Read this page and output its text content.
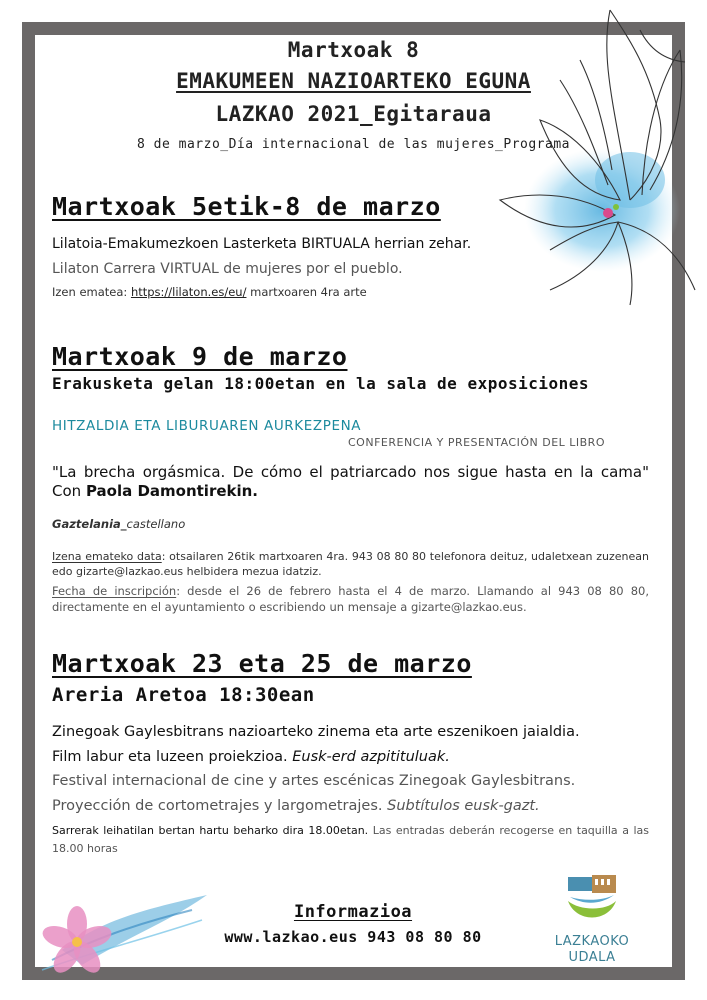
Martxoak 8
EMAKUMEEN NAZIOARTEKO EGUNA
LAZKAO 2021_Egitaraua
8 de marzo_Día internacional de las mujeres_Programa
Martxoak 5etik-8 de marzo
Lilatoia-Emakumezkoen Lasterketa BIRTUALA herrian zehar.
Lilaton Carrera VIRTUAL de mujeres por el pueblo.
Izen ematea: https://lilaton.es/eu/ martxoaren 4ra arte
Martxoak 9 de marzo
Erakusketa gelan 18:00etan en la sala de exposiciones
HITZALDIA ETA LIBURUAREN AURKEZPENA
CONFERENCIA Y PRESENTACIÓN DEL LIBRO
"La brecha orgásmica. De cómo el patriarcado nos sigue hasta en la cama" Con Paola Damontirekin.
Gaztelania_castellano
Izena emateko data: otsailaren 26tik martxoaren 4ra. 943 08 80 80 telefonora deituz, udaletxean zuzenean edo gizarte@lazkao.eus helbidera mezua idatziz.
Fecha de inscripción: desde el 26 de febrero hasta el 4 de marzo. Llamando al 943 08 80 80, directamente en el ayuntamiento o escribiendo un mensaje a gizarte@lazkao.eus.
Martxoak 23 eta 25 de marzo
Areria Aretoa 18:30ean
Zinegoak Gaylesbitrans nazioarteko zinema eta arte eszenikoen jaialdia.
Film labur eta luzeen proiekzioa. Eusk-erd azpitituluak.
Festival internacional de cine y artes escénicas Zinegoak Gaylesbitrans.
Proyección de cortometrajes y largometrajes. Subtítulos eusk-gazt.
Sarrerak leihatilan bertan hartu beharko dira 18.00etan. Las entradas deberán recogerse en taquilla a las 18.00 horas
Informazioa
www.lazkao.eus 943 08 80 80	LAZKAOKO
UDALA
